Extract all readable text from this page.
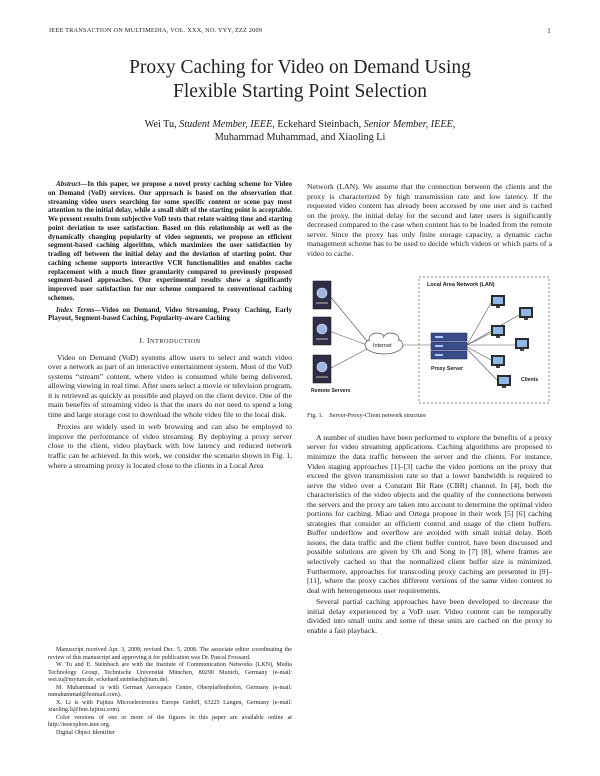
IEEE TRANSACTION ON MULTIMEDIA, VOL. XXX, NO. YYY, ZZZ 2009	1
Proxy Caching for Video on Demand Using
Flexible Starting Point Selection
Wei Tu, Student Member, IEEE, Eckehard Steinbach, Senior Member, IEEE,
Muhammad Muhammad, and Xiaoling Li

Abstract—In this paper, we propose a novel proxy caching scheme for Video on Demand (VoD) services. Our approach is based on the observation that streaming video users searching for some specific content or scene pay most attention to the initial delay, while a small shift of the starting point is acceptable. We present results from subjective VoD tests that relate waiting time and starting point deviation to user satisfaction. Based on this relationship as well as the dynamically changing popularity of video segments, we propose an efficient segment-based caching algorithm, which maximizes the user satisfaction by trading off between the initial delay and the deviation of starting point. Our caching scheme supports interactive VCR functionalities and enables cache replacement with a much finer granularity compared to previously proposed segment-based approaches. Our experimental results show a significantly improved user satisfaction for our scheme compared to conventional caching schemes.

Index Terms—Video on Demand, Video Streaming, Proxy Caching, Early Playout, Segment-based Caching, Popularity-aware Caching

I. INTRODUCTION

Video on Demand (VoD) systems allow users to select and watch video over a network as part of an interactive entertainment system. Most of the VoD systems “stream” content, where video is consumed while being delivered, allowing viewing in real time. After users select a movie or television program, it is retrieved as quickly as possible and played on the client device. One of the main benefits of streaming video is that the users do not need to spend a long time and large storage cost to download the whole video file to the local disk.

Proxies are widely used in web browsing and can also be employed to improve the performance of video streaming. By deploying a proxy server close to the client, video playback with low latency and reduced network traffic can be achieved. In this work, we consider the scenario shown in Fig. 1, where a streaming proxy is located close to the clients in a Local Area

Manuscript received Apr. 3, 2008; revised Dec. 5, 2008. The associate editor coordinating the review of this manuscript and approving it for publication was Dr. Pascal Frossard.

W. Tu and E. Steinbach are with the Institute of Communication Networks (LKN), Media Technology Group, Technische Universität München, 80290 Munich, Germany (e-mail: wei.tu@mytum.de; eckehard.steinbach@tum.de).

M. Muhammad is with German Aerospace Centre, Oberpfaffenhofen, Germany (e-mail: mmuhammad@hotmail.com).

X. Li is with Fujitsu Microelectronics Europe GmbH, 63225 Langen, Germany (e-mail: xiaoling.li@fme.fujitsu.com).

Color versions of one or more of the figures in this paper are available online at http://ieeexplore.ieee.org.

Digital Object Identifier

Network (LAN). We assume that the connection between the clients and the proxy is characterized by high transmission rate and low latency. If the requested video content has already been accessed by one user and is cached on the proxy, the initial delay for the second and later users is significantly decreased compared to the case when content has to be loaded from the remote server. Since the proxy has only finite storage capacity, a dynamic cache management scheme has to be used to decide which videos or which parts of a video to cache.

Local Area Network (LAN)
Remote Servers
Internet
Proxy Server
Clients
Fig. 1. Server-Proxy-Client network structure

A number of studies have been performed to explore the benefits of a proxy server for video streaming applications. Caching algorithms are proposed to minimize the data traffic between the server and the clients. For instance, Video staging approaches [1]–[3] cache the video portions on the proxy that exceed the given transmission rate so that a lower bandwidth is required to serve the video over a Constant Bit Rate (CBR) channel. In [4], both the characteristics of the video objects and the quality of the connections between the servers and the proxy are taken into account to determine the optimal video portions for caching. Miao and Ortega propose in their work [5] [6] caching strategies that consider an efficient control and usage of the client buffers. Buffer underflow and overflow are avoided with small initial delay. Both issues, the data traffic and the client buffer control, have been discussed and possible solutions are given by Oh and Song in [7] [8], where frames are selectively cached so that the normalized client buffer size is minimized. Furthermore, approaches for transcoding proxy caching are presented in [9]–[11], where the proxy caches different versions of the same video content to deal with heterogeneous user requirements.

Several partial caching approaches have been developed to decrease the initial delay experienced by a VoD user. Video content can be temporally divided into small units and some of these units are cached on the proxy to enable a fast playback.
